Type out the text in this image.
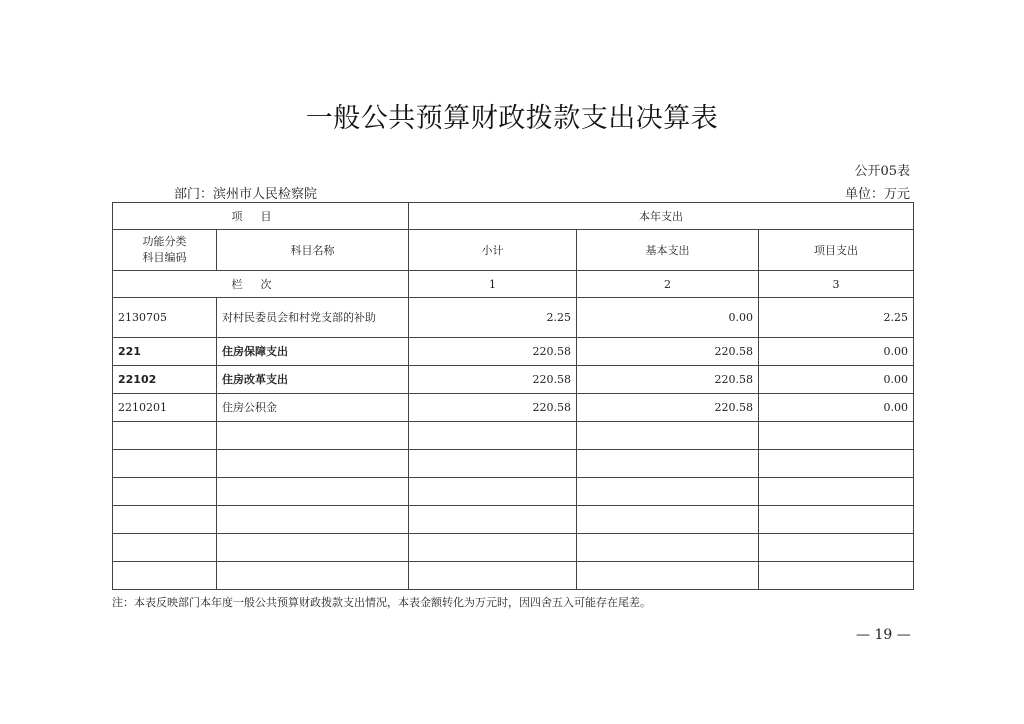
一般公共预算财政拨款支出决算表
公开05表
部门：滨州市人民检察院	单位：万元
项目		本年支出		
功能分类
科目编码	科目名称	小计	基本支出	项目支出
栏次		1	2	3
2130705	对村民委员会和村党支部的补助	2.25	0.00	2.25
221	住房保障支出	220.58	220.58	0.00
22102	住房改革支出	220.58	220.58	0.00
2210201	住房公积金	220.58	220.58	0.00

注：本表反映部门本年度一般公共预算财政拨款支出情况，本表金额转化为万元时，因四舍五入可能存在尾差。
— 19 —
